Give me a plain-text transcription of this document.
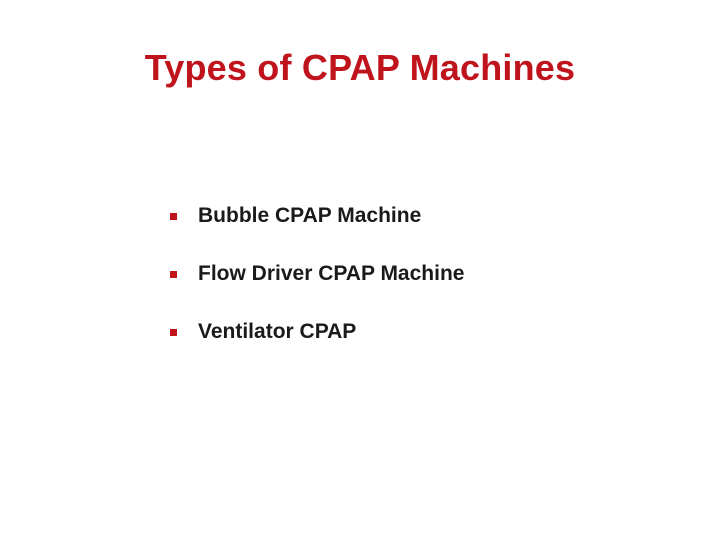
Types of CPAP Machines
Bubble CPAP Machine
Flow Driver CPAP Machine
Ventilator CPAP
